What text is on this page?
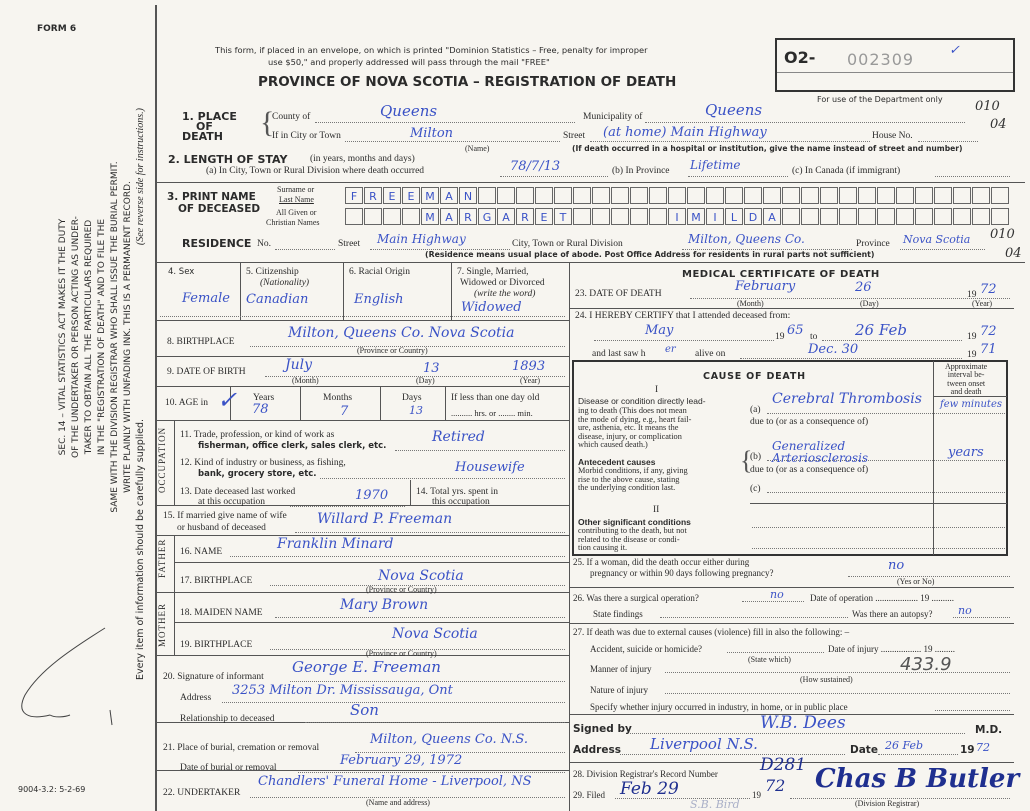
FORM 6
9004-3.2: 5-2-69
SEC. 14 – VITAL STATISTICS ACT MAKES IT THE DUTY OF THE UNDERTAKER OR PERSON ACTING AS UNDER- TAKER TO OBTAIN ALL THE PARTICULARS REQUIRED IN THE "REGISTRATION OF DEATH" AND TO FILE THE SAME WITH THE DIVISION REGISTRAR WHO SHALL ISSUE THE BURIAL PERMIT. WRITE PLAINLY WITH UNFADING INK. THIS IS A PERMANENT RECORD.
Every item of information should be carefully supplied.
(See reverse side for instructions.)
This form, if placed in an envelope, on which is printed "Dominion Statistics – Free, penalty for improper
use $50," and properly addressed will pass through the mail "FREE"
PROVINCE OF NOVA SCOTIA – REGISTRATION OF DEATH
O2- 002309	✓
For use of the Department only 010
04
010
04
1. PLACE
OF
DEATH {
County of	Queens	Municipality of	Queens
If in City or Town	Milton
(Name)
Street (at home) Main Highway	House No.
(If death occurred in a hospital or institution, give the name instead of street and number)
2. LENGTH OF STAY (in years, months and days)
(a) In City, Town or Rural Division where death occurred	78/7/13	(b) In Province Lifetime	(c) In Canada (if immigrant)
3. PRINT NAME
OF DECEASED
Surname or
Last Name
All Given or
Christian Names
F	R	E	E M A	N
M A	R G A	R	E	T	I	M	I	L	D	A
RESIDENCE No.	Street Main Highway	City, Town or Rural Division	Milton, Queens Co.	Province Nova Scotia
(Residence means usual place of abode. Post Office Address for residents in rural parts not sufficient)
4. Sex
Female
5. Citizenship
(Nationality)
Canadian
6. Racial Origin
English
7. Single, Married,
Widowed or Divorced
(write the word)
Widowed
8. BIRTHPLACE
Milton, Queens Co. Nova Scotia
(Province or Country)
9. DATE OF BIRTH	July	13	1893
(Month)	(Day)	(Year)
10. AGE in ✓ Years
78
Months
7
Days
13
If less than one day old
.......... hrs. or ........ min.
OCCUPATION 11. Trade, profession, or kind of work as
fisherman, office clerk, sales clerk, etc.
Retired
12. Kind of industry or business, as fishing,
bank, grocery store, etc.	Housewife
13. Date deceased last worked
at this occupation	1970	14. Total yrs. spent in
this occupation
15. If married give name of wife
or husband of deceased
Willard P. Freeman
FATHER 16. NAME	Franklin Minard
17. BIRTHPLACE	Nova Scotia
(Province or Country)
MOTHER 18. MAIDEN NAME	Mary Brown
19. BIRTHPLACE
Nova Scotia
(Province or Country)
20. Signature of informant
George E. Freeman
Address 3253 Milton Dr. Mississauga, Ont
Relationship to deceased	Son
21. Place of burial, cremation or removal
Milton, Queens Co. N.S.
Date of burial or removal	February 29, 1972
22. UNDERTAKER
Chandlers' Funeral Home - Liverpool, NS
(Name and address)
MEDICAL CERTIFICATE OF DEATH
23. DATE OF DEATH	February	26	19 72
(Month)	(Day)	(Year)
24. I HEREBY CERTIFY that I attended deceased from:
May	19 65 to	26 Feb	19 72
and last saw h er alive on	Dec. 30	19 71
CAUSE OF DEATH
Approximate
interval be-
tween onset
and death
I
Disease or condition directly lead-
ing to death (This does not mean
the mode of dying, e.g., heart fail-
ure, asthenia, etc. It means the
disease, injury, or complication
which caused death.)
(a)
Cerebral Thrombosis few minutes
due to (or as a consequence of)
Antecedent causes
Morbid conditions, if any, giving
rise to the above cause, stating
the underlying condition last.
{
(b)
Generalized Arteriosclerosis	years
due to (or as a consequence of)
(c)
II
Other significant conditions
contributing to the death, but not
related to the disease or condi-
tion causing it.
25. If a woman, did the death occur either during
pregnancy or within 90 days following pregnancy?	no
(Yes or No)
26. Was there a surgical operation?	no	Date of operation ................... 19 ..........
State findings	Was there an autopsy? no
27. If death was due to external causes (violence) fill in also the following: –
Accident, suicide or homicide?	Date of injury .................. 19 .........
(State which)
Manner of injury	433.9
(How sustained)
Nature of injury
Specify whether injury occurred in industry, in home, or in public place
Signed by	W.B. Dees	M.D.
Address Liverpool N.S.	Date 26 Feb	19 72
28. Division Registrar's Record Number D281
29. Filed Feb 29	19 72 Chas B Butler
(Division Registrar)
S.B. Bird
